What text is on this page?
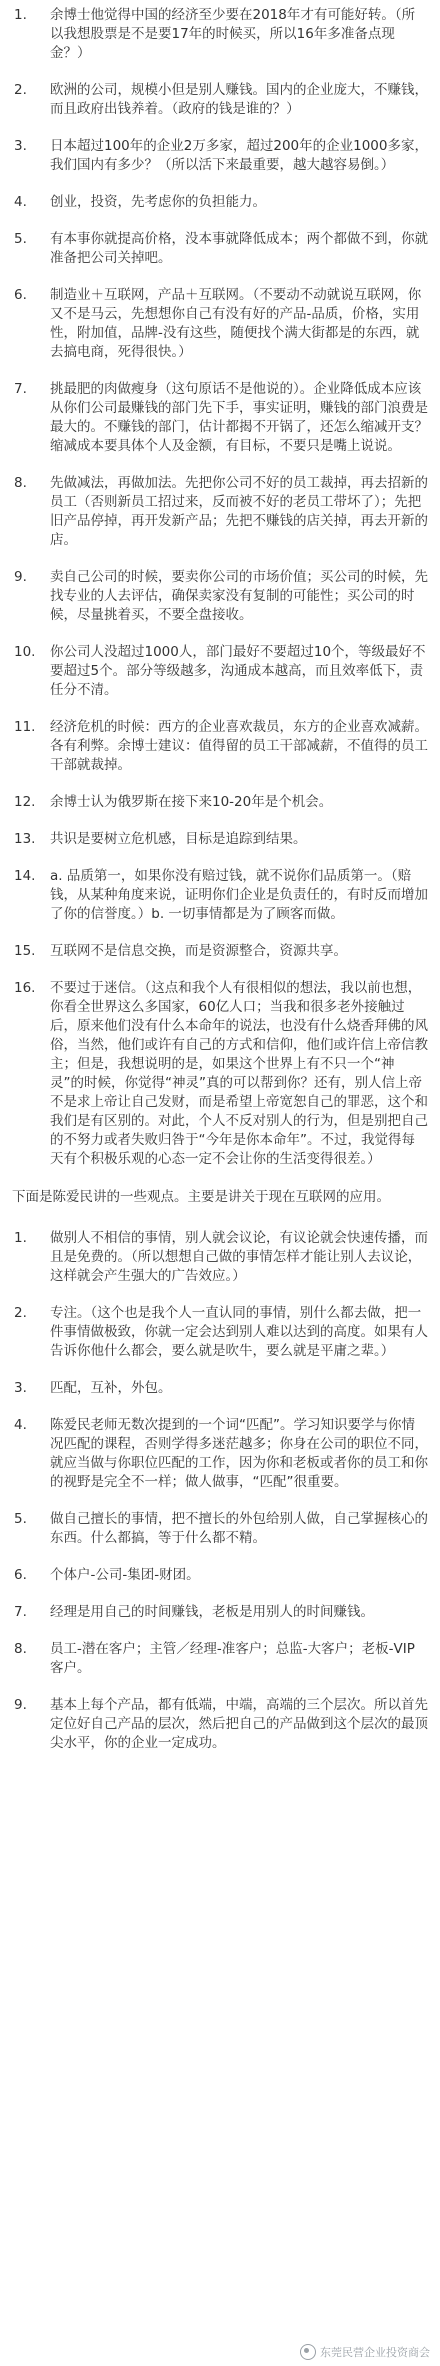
1.	余博士他觉得中国的经济至少要在2018年才有可能好转。（所以我想股票是不是要17年的时候买，所以16年多准备点现金？）
2.	欧洲的公司，规模小但是别人赚钱。国内的企业庞大，不赚钱，而且政府出钱养着。（政府的钱是谁的？）
3.	日本超过100年的企业2万多家，超过200年的企业1000多家，我们国内有多少？（所以活下来最重要，越大越容易倒。）
4.	创业，投资，先考虑你的负担能力。
5.	有本事你就提高价格，没本事就降低成本；两个都做不到，你就准备把公司关掉吧。
6.	制造业＋互联网，产品＋互联网。（不要动不动就说互联网，你又不是马云，先想想你自己有没有好的产品-品质，价格，实用性，附加值，品牌-没有这些，随便找个满大街都是的东西，就去搞电商，死得很快。）
7.	挑最肥的肉做瘦身（这句原话不是他说的）。企业降低成本应该从你们公司最赚钱的部门先下手，事实证明，赚钱的部门浪费是最大的。不赚钱的部门，估计都揭不开锅了，还怎么缩减开支？缩减成本要具体个人及金额，有目标，不要只是嘴上说说。
8.	先做减法，再做加法。先把你公司不好的员工裁掉，再去招新的员工（否则新员工招过来，反而被不好的老员工带坏了）；先把旧产品停掉，再开发新产品；先把不赚钱的店关掉，再去开新的店。
9.	卖自己公司的时候，要卖你公司的市场价值；买公司的时候，先找专业的人去评估，确保卖家没有复制的可能性；买公司的时候，尽量挑着买，不要全盘接收。
10.	你公司人没超过1000人，部门最好不要超过10个，等级最好不要超过5个。部分等级越多，沟通成本越高，而且效率低下，责任分不清。
11.	经济危机的时候：西方的企业喜欢裁员，东方的企业喜欢减薪。各有利弊。余博士建议：值得留的员工干部减薪，不值得的员工干部就裁掉。
12.	余博士认为俄罗斯在接下来10-20年是个机会。
13.	共识是要树立危机感，目标是追踪到结果。
14.	a. 品质第一，如果你没有赔过钱，就不说你们品质第一。（赔钱，从某种角度来说，证明你们企业是负责任的，有时反而增加了你的信誉度。）b. 一切事情都是为了顾客而做。
15.	互联网不是信息交换，而是资源整合，资源共享。
16.	不要过于迷信。（这点和我个人有很相似的想法，我以前也想，你看全世界这么多国家，60亿人口；当我和很多老外接触过后，原来他们没有什么本命年的说法，也没有什么烧香拜佛的风俗，当然，他们或许有自己的方式和信仰，他们或许信上帝信教主；但是，我想说明的是，如果这个世界上有不只一个“神灵”的时候，你觉得“神灵”真的可以帮到你？还有，别人信上帝不是求上帝让自己发财，而是希望上帝宽恕自己的罪恶，这个和我们是有区别的。对此，个人不反对别人的行为，但是别把自己的不努力或者失败归咎于“今年是你本命年”。不过，我觉得每天有个积极乐观的心态一定不会让你的生活变得很差。）
下面是陈爱民讲的一些观点。主要是讲关于现在互联网的应用。
1.	做别人不相信的事情，别人就会议论，有议论就会快速传播，而且是免费的。（所以想想自己做的事情怎样才能让别人去议论，这样就会产生强大的广告效应。）
2.	专注。（这个也是我个人一直认同的事情，别什么都去做，把一件事情做极致，你就一定会达到别人难以达到的高度。如果有人告诉你他什么都会，要么就是吹牛，要么就是平庸之辈。）
3.	匹配，互补，外包。
4.	陈爱民老师无数次提到的一个词“匹配”。学习知识要学与你情况匹配的课程，否则学得多迷茫越多；你身在公司的职位不同，就应当做与你职位匹配的工作，因为你和老板或者你的员工和你的视野是完全不一样；做人做事，“匹配”很重要。
5.	做自己擅长的事情，把不擅长的外包给别人做，自己掌握核心的东西。什么都搞，等于什么都不精。
6.	个体户-公司-集团-财团。
7.	经理是用自己的时间赚钱，老板是用别人的时间赚钱。
8.	员工-潜在客户；主管／经理-准客户；总监-大客户；老板-VIP客户。
9.	基本上每个产品，都有低端，中端，高端的三个层次。所以首先定位好自己产品的层次，然后把自己的产品做到这个层次的最顶尖水平，你的企业一定成功。
东莞民营企业投资商会
